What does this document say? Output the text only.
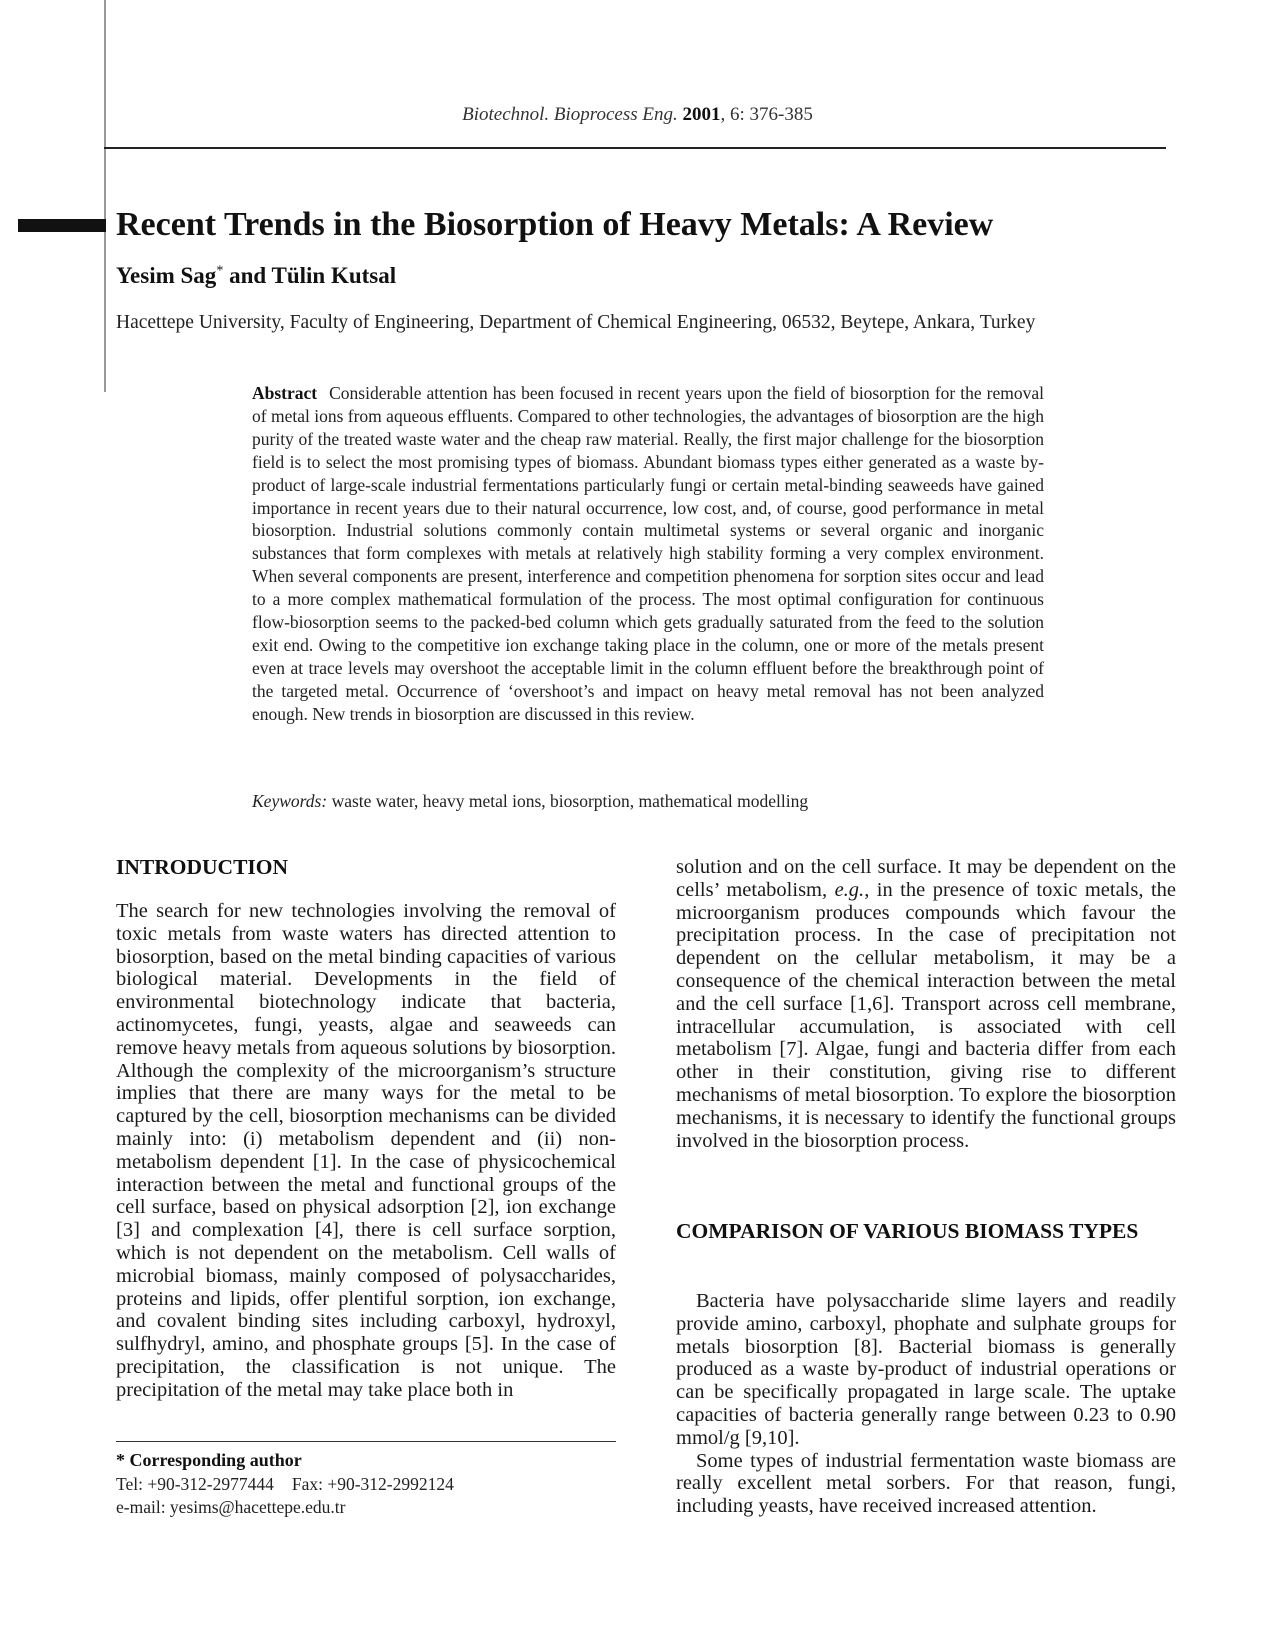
Biotechnol. Bioprocess Eng. 2001, 6: 376-385
Recent Trends in the Biosorption of Heavy Metals: A Review
Yesim Sag* and Tülin Kutsal
Hacettepe University, Faculty of Engineering, Department of Chemical Engineering, 06532, Beytepe, Ankara, Turkey

Abstract Considerable attention has been focused in recent years upon the field of biosorption for the removal of metal ions from aqueous effluents. Compared to other technologies, the advantages of biosorption are the high purity of the treated waste water and the cheap raw material. Really, the first major challenge for the biosorption field is to select the most promising types of biomass. Abundant biomass types either generated as a waste by-product of large-scale industrial fermentations particularly fungi or certain metal-binding seaweeds have gained importance in recent years due to their natural occurrence, low cost, and, of course, good performance in metal biosorption. Industrial solutions commonly contain multimetal systems or several organic and inorganic substances that form complexes with metals at relatively high stability forming a very complex environment. When several components are present, interference and competition phenomena for sorption sites occur and lead to a more complex mathematical formulation of the process. The most optimal configuration for continuous flow-biosorption seems to the packed-bed column which gets gradually saturated from the feed to the solution exit end. Owing to the competitive ion exchange taking place in the column, one or more of the metals present even at trace levels may overshoot the acceptable limit in the column effluent before the breakthrough point of the targeted metal. Occurrence of ‘overshoot’s and impact on heavy metal removal has not been analyzed enough. New trends in biosorption are discussed in this review.

Keywords: waste water, heavy metal ions, biosorption, mathematical modelling
INTRODUCTION

The search for new technologies involving the removal of toxic metals from waste waters has directed attention to biosorption, based on the metal binding capacities of various biological material. Developments in the field of environmental biotechnology indicate that bacteria, actinomycetes, fungi, yeasts, algae and seaweeds can remove heavy metals from aqueous solutions by biosorption. Although the complexity of the microorganism’s structure implies that there are many ways for the metal to be captured by the cell, biosorption mechanisms can be divided mainly into: (i) metabolism dependent and (ii) non-metabolism dependent [1]. In the case of physicochemical interaction between the metal and functional groups of the cell surface, based on physical adsorption [2], ion exchange [3] and complexation [4], there is cell surface sorption, which is not dependent on the metabolism. Cell walls of microbial biomass, mainly composed of polysaccharides, proteins and lipids, offer plentiful sorption, ion exchange, and covalent binding sites including carboxyl, hydroxyl, sulfhydryl, amino, and phosphate groups [5]. In the case of precipitation, the classification is not unique. The precipitation of the metal may take place both in

* Corresponding author
Tel: +90-312-2977444 Fax: +90-312-2992124
e-mail: yesims@hacettepe.edu.tr

solution and on the cell surface. It may be dependent on the cells’ metabolism, e.g., in the presence of toxic metals, the microorganism produces compounds which favour the precipitation process. In the case of precipitation not dependent on the cellular metabolism, it may be a consequence of the chemical interaction between the metal and the cell surface [1,6]. Transport across cell membrane, intracellular accumulation, is associated with cell metabolism [7]. Algae, fungi and bacteria differ from each other in their constitution, giving rise to different mechanisms of metal biosorption. To explore the biosorption mechanisms, it is necessary to identify the functional groups involved in the biosorption process.

COMPARISON OF VARIOUS BIOMASS TYPES

Bacteria have polysaccharide slime layers and readily provide amino, carboxyl, phophate and sulphate groups for metals biosorption [8]. Bacterial biomass is generally produced as a waste by-product of industrial operations or can be specifically propagated in large scale. The uptake capacities of bacteria generally range between 0.23 to 0.90 mmol/g [9,10].

Some types of industrial fermentation waste biomass are really excellent metal sorbers. For that reason, fungi, including yeasts, have received increased attention.
